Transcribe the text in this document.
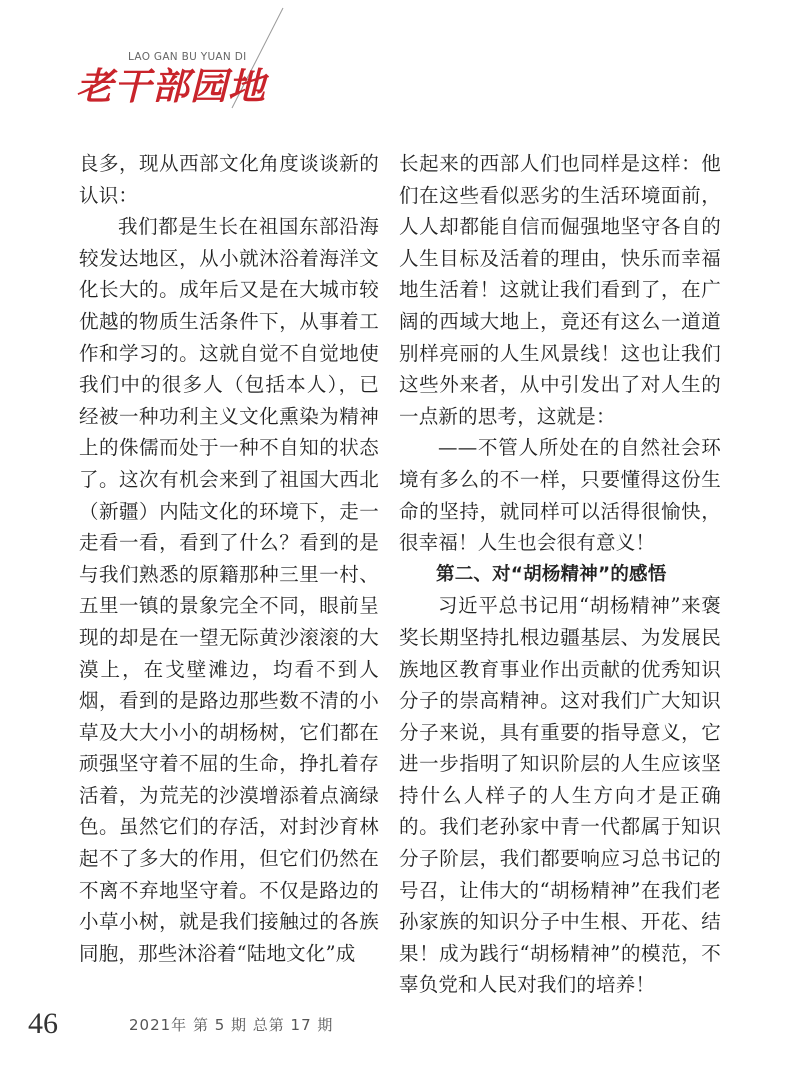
LAO GAN BU YUAN DI
老干部园地

良多，现从西部文化角度谈谈新的认识：

我们都是生长在祖国东部沿海较发达地区，从小就沐浴着海洋文化长大的。成年后又是在大城市较优越的物质生活条件下，从事着工作和学习的。这就自觉不自觉地使我们中的很多人（包括本人），已经被一种功利主义文化熏染为精神上的侏儒而处于一种不自知的状态了。这次有机会来到了祖国大西北（新疆）内陆文化的环境下，走一走看一看，看到了什么？看到的是与我们熟悉的原籍那种三里一村、五里一镇的景象完全不同，眼前呈现的却是在一望无际黄沙滚滚的大漠上，在戈壁滩边，均看不到人烟，看到的是路边那些数不清的小草及大大小小的胡杨树，它们都在顽强坚守着不屈的生命，挣扎着存活着，为荒芜的沙漠增添着点滴绿色。虽然它们的存活，对封沙育林起不了多大的作用，但它们仍然在不离不弃地坚守着。不仅是路边的小草小树，就是我们接触过的各族同胞，那些沐浴着“陆地文化”成

长起来的西部人们也同样是这样：他们在这些看似恶劣的生活环境面前，人人却都能自信而倔强地坚守各自的人生目标及活着的理由，快乐而幸福地生活着！这就让我们看到了，在广阔的西域大地上，竟还有这么一道道别样亮丽的人生风景线！这也让我们这些外来者，从中引发出了对人生的一点新的思考，这就是：

——不管人所处在的自然社会环境有多么的不一样，只要懂得这份生命的坚持，就同样可以活得很愉快，很幸福！人生也会很有意义！

第二、对“胡杨精神”的感悟

习近平总书记用“胡杨精神”来褒奖长期坚持扎根边疆基层、为发展民族地区教育事业作出贡献的优秀知识分子的崇高精神。这对我们广大知识分子来说，具有重要的指导意义，它进一步指明了知识阶层的人生应该坚持什么人样子的人生方向才是正确的。我们老孙家中青一代都属于知识分子阶层，我们都要响应习总书记的号召，让伟大的“胡杨精神”在我们老孙家族的知识分子中生根、开花、结果！成为践行“胡杨精神”的模范，不辜负党和人民对我们的培养！

46	2021年 第 5 期 总第 17 期
